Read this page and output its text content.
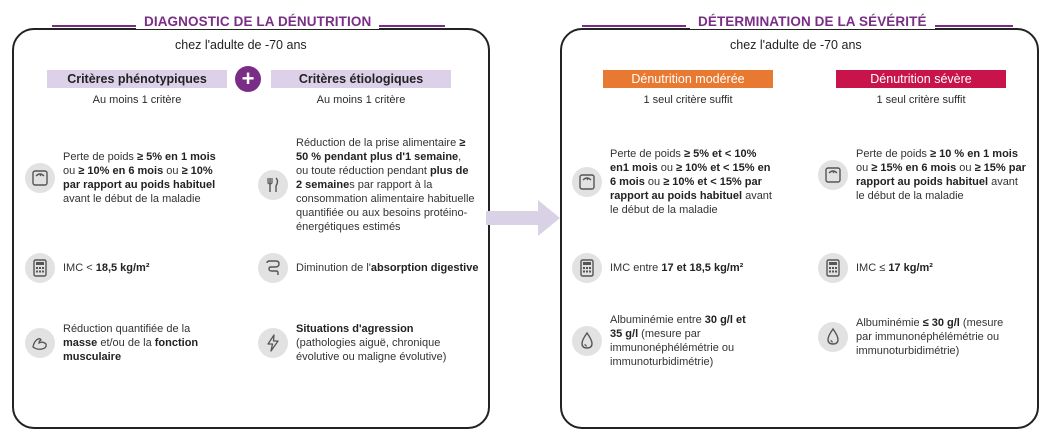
DIAGNOSTIC DE LA DÉNUTRITION
chez l'adulte de -70 ans
Critères phénotypiques
Au moins 1 critère
+	Critères étiologiques
Au moins 1 critère
Perte de poids ≥ 5% en 1 mois ou ≥ 10% en 6 mois ou ≥ 10% par rapport au poids habituel avant le début de la maladie
IMC < 18,5 kg/m²
Réduction quantifiée de la masse et/ou de la fonction musculaire
Réduction de la prise alimentaire ≥ 50 % pendant plus d'1 semaine, ou toute réduction pendant plus de 2 semaines par rapport à la consommation alimentaire habituelle quantifiée ou aux besoins protéino-énergétiques estimés
Diminution de l'absorption digestive
Situations d'agression (pathologies aiguë, chronique évolutive ou maligne évolutive)
DÉTERMINATION DE LA SÉVÉRITÉ
chez l'adulte de -70 ans
Dénutrition modérée
1 seul critère suffit
Dénutrition sévère
1 seul critère suffit
Perte de poids ≥ 5% et < 10% en1 mois ou ≥ 10% et < 15% en 6 mois ou ≥ 10% et < 15% par rapport au poids habituel avant le début de la maladie
IMC entre 17 et 18,5 kg/m²
Albuminémie entre 30 g/l et 35 g/l (mesure par immunonéphélémétrie ou immunoturbidimétrie)
Perte de poids ≥ 10 % en 1 mois ou ≥ 15% en 6 mois ou ≥ 15% par rapport au poids habituel avant le début de la maladie
IMC ≤ 17 kg/m²
Albuminémie ≤ 30 g/l (mesure par immunonéphélémétrie ou immunoturbidimétrie)
